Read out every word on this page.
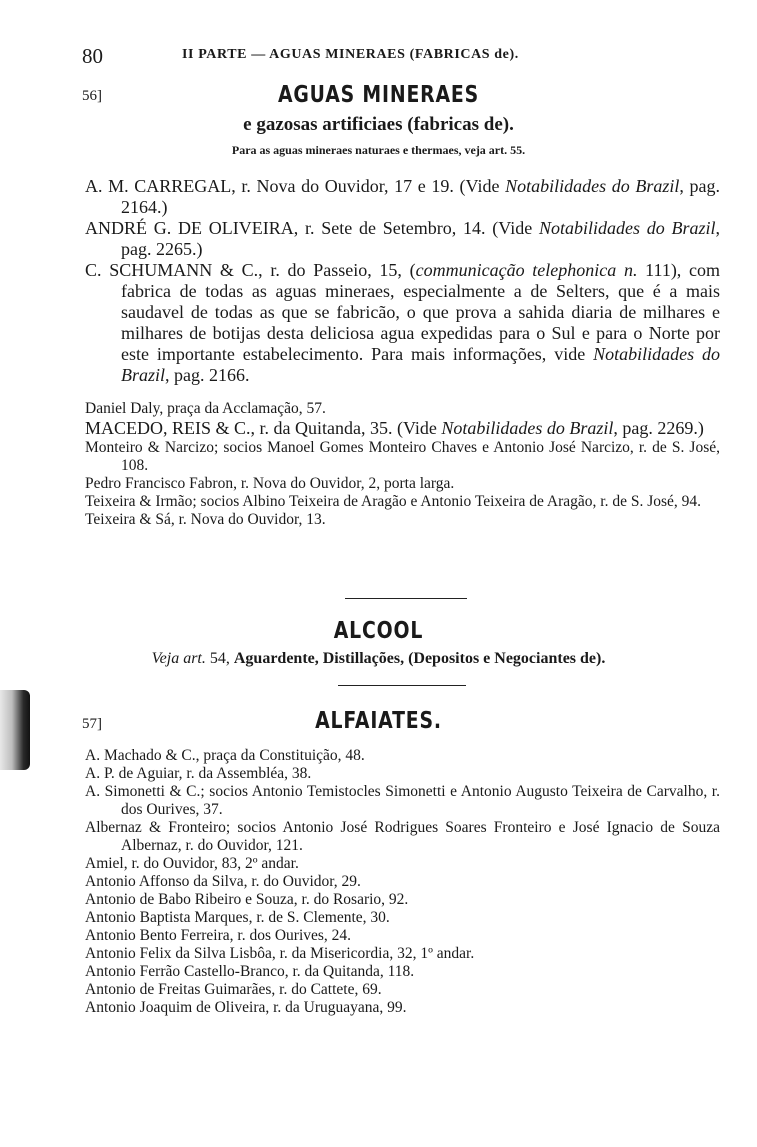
80	II PARTE — AGUAS MINERAES (FABRICAS de).
56]	AGUAS MINERAES
e gazosas artificiaes (fabricas de).
Para as aguas mineraes naturaes e thermaes, veja art. 55.
A. M. CARREGAL, r. Nova do Ouvidor, 17 e 19. (Vide Notabilidades do Brazil, pag. 2164.)
ANDRÉ G. DE OLIVEIRA, r. Sete de Setembro, 14. (Vide Notabilidades do Brazil, pag. 2265.)
C. SCHUMANN & C., r. do Passeio, 15, (communicação telephonica n. 111), com fabrica de todas as aguas mineraes, especialmente a de Selters, que é a mais saudavel de todas as que se fabricão, o que prova a sahida diaria de milhares e milhares de botijas desta deliciosa agua expedidas para o Sul e para o Norte por este importante estabelecimento. Para mais informações, vide Notabilidades do Brazil, pag. 2166.
Daniel Daly, praça da Acclamação, 57.
MACEDO, REIS & C., r. da Quitanda, 35. (Vide Notabilidades do Brazil, pag. 2269.)
Monteiro & Narcizo; socios Manoel Gomes Monteiro Chaves e Antonio José Narcizo, r. de S. José, 108.
Pedro Francisco Fabron, r. Nova do Ouvidor, 2, porta larga.
Teixeira & Irmão; socios Albino Teixeira de Aragão e Antonio Teixeira de Aragão, r. de S. José, 94.
Teixeira & Sá, r. Nova do Ouvidor, 13.
ALCOOL
Veja art. 54, Aguardente, Distillações, (Depositos e Negociantes de).
57]	ALFAIATES.
A. Machado & C., praça da Constituição, 48.
A. P. de Aguiar, r. da Assembléa, 38.
A. Simonetti & C.; socios Antonio Temistocles Simonetti e Antonio Augusto Teixeira de Carvalho, r. dos Ourives, 37.
Albernaz & Fronteiro; socios Antonio José Rodrigues Soares Fronteiro e José Ignacio de Souza Albernaz, r. do Ouvidor, 121.
Amiel, r. do Ouvidor, 83, 2º andar.
Antonio Affonso da Silva, r. do Ouvidor, 29.
Antonio de Babo Ribeiro e Souza, r. do Rosario, 92.
Antonio Baptista Marques, r. de S. Clemente, 30.
Antonio Bento Ferreira, r. dos Ourives, 24.
Antonio Felix da Silva Lisbôa, r. da Misericordia, 32, 1º andar.
Antonio Ferrão Castello-Branco, r. da Quitanda, 118.
Antonio de Freitas Guimarães, r. do Cattete, 69.
Antonio Joaquim de Oliveira, r. da Uruguayana, 99.
